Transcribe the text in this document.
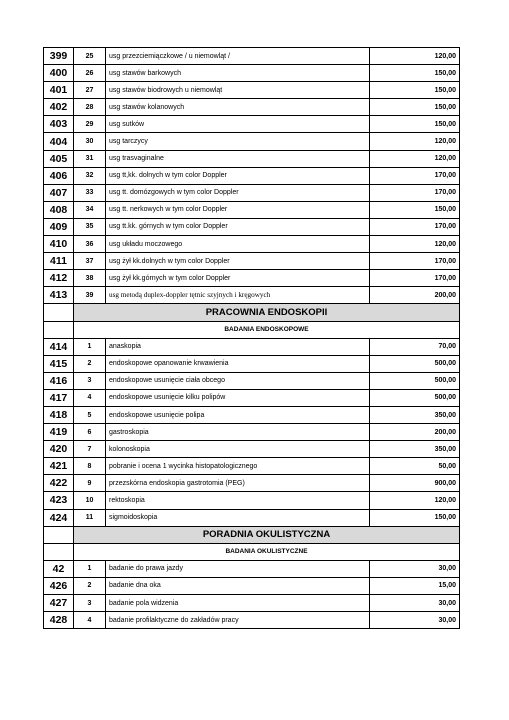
399	25	usg przezciemiączkowe / u niemowląt /	120,00
400	26	usg stawów barkowych	150,00
401	27	usg stawów biodrowych u niemowląt	150,00
402	28	usg stawów kolanowych	150,00
403	29	usg sutków	150,00
404	30	usg tarczycy	120,00
405	31	usg trasvaginalne	120,00
406	32	usg tt,kk. dolnych w tym color Doppler	170,00
407	33	usg tt. domózgowych w tym color Doppler	170,00
408	34	usg tt. nerkowych w tym color Doppler	150,00
409	35	usg tt.kk. górnych w tym color Doppler	170,00
410	36	usg układu moczowego	120,00
411	37	usg żył kk.dolnych w tym color Doppler	170,00
412	38	usg żył kk.górnych w tym color Doppler	170,00
413	39	usg metodą duplex-doppler tętnic szyjnych i kręgowych	200,00
	PRACOWNIA ENDOSKOPII		
	BADANIA ENDOSKOPOWE		
414	1	anaskopia	70,00
415	2	endoskopowe opanowanie krwawienia	500,00
416	3	endoskopowe usunięcie ciała obcego	500,00
417	4	endoskopowe usunięcie kilku polipów	500,00
418	5	endoskopowe usunięcie polipa	350,00
419	6	gastroskopia	200,00
420	7	kolonoskopia	350,00
421	8	pobranie i ocena 1 wycinka histopatologicznego	50,00
422	9	przezskórna endoskopia gastrotomia (PEG)	900,00
423	10	rektoskopia	120,00
424	11	sigmoidoskopia	150,00
	PORADNIA OKULISTYCZNA		
	BADANIA OKULISTYCZNE		
42	1	badanie do prawa jazdy	30,00
426	2	badanie dna oka	15,00
427	3	badanie pola widzenia	30,00
428	4	badanie profilaktyczne do zakładów pracy	30,00
